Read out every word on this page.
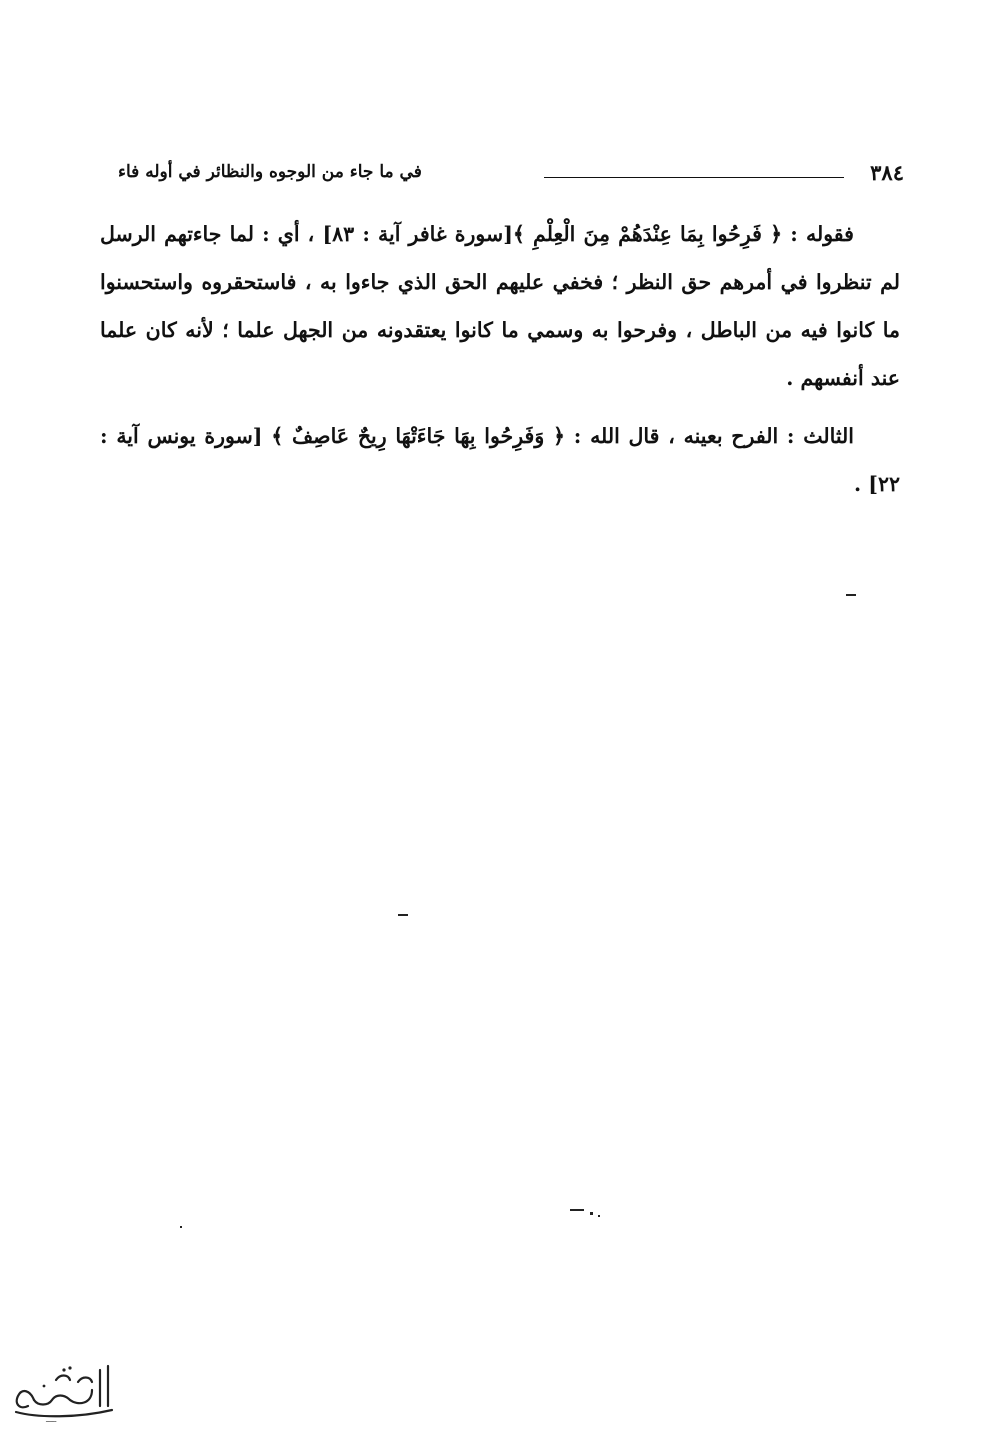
٣٨٤
في ما جاء من الوجوه والنظائر في أوله فاء

فقوله : ﴿ فَرِحُوا بِمَا عِنْدَهُمْ مِنَ الْعِلْمِ ﴾[سورة غافر آية : ٨٣] ، أي : لما جاءتهم الرسل لم تنظروا في أمرهم حق النظر ؛ فخفي عليهم الحق الذي جاءوا به ، فاستحقروه واستحسنوا ما كانوا فيه من الباطل ، وفرحوا به وسمي ما كانوا يعتقدونه من الجهل علما ؛ لأنه كان علما عند أنفسهم .

الثالث : الفرح بعينه ، قال الله : ﴿ وَفَرِحُوا بِهَا جَاءَتْهَا رِيحٌ عَاصِفٌ ﴾ [سورة يونس آية : ٢٢] .

ـــــ
